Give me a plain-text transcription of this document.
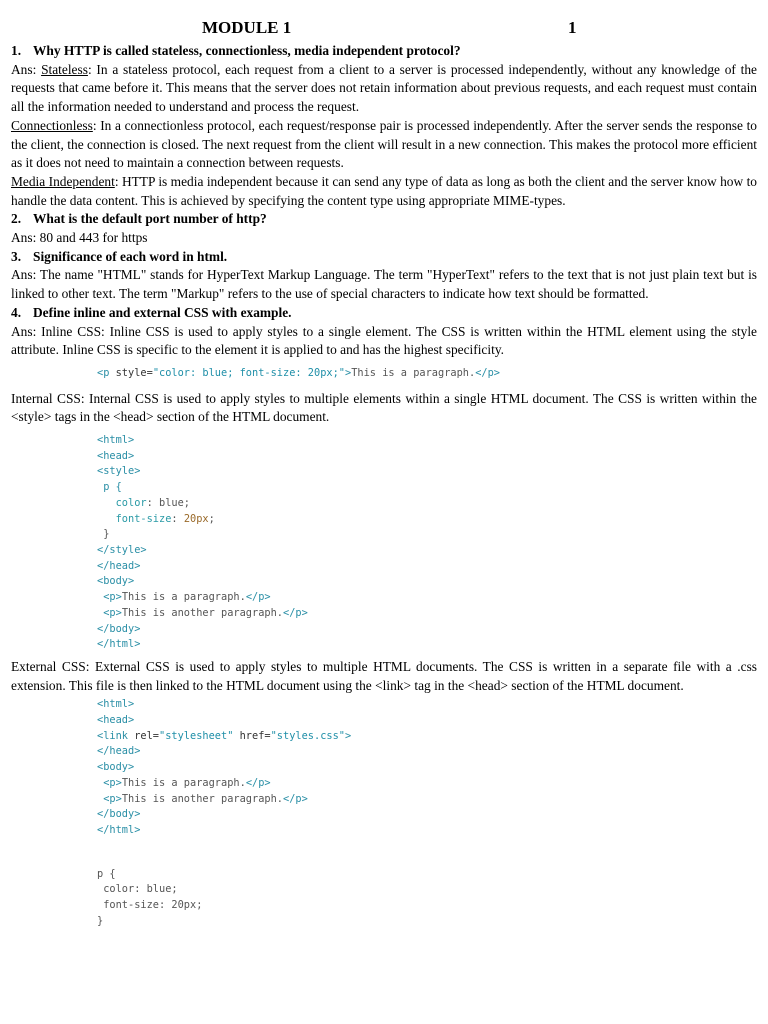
MODULE 1	1

1. Why HTTP is called stateless, connectionless, media independent protocol?

Ans: Stateless: In a stateless protocol, each request from a client to a server is processed independently, without any knowledge of the requests that came before it. This means that the server does not retain information about previous requests, and each request must contain all the information needed to understand and process the request.

Connectionless: In a connectionless protocol, each request/response pair is processed independently. After the server sends the response to the client, the connection is closed. The next request from the client will result in a new connection. This makes the protocol more efficient as it does not need to maintain a connection between requests.

Media Independent: HTTP is media independent because it can send any type of data as long as both the client and the server know how to handle the data content. This is achieved by specifying the content type using appropriate MIME-types.

2. What is the default port number of http?

Ans: 80 and 443 for https

3. Significance of each word in html.

Ans: The name "HTML" stands for HyperText Markup Language. The term "HyperText" refers to the text that is not just plain text but is linked to other text. The term "Markup" refers to the use of special characters to indicate how text should be formatted.

4. Define inline and external CSS with example.

Ans: Inline CSS: Inline CSS is used to apply styles to a single element. The CSS is written within the HTML element using the style attribute. Inline CSS is specific to the element it is applied to and has the highest specificity.

<p style="color: blue; font-size: 20px;">This is a paragraph.</p>

Internal CSS: Internal CSS is used to apply styles to multiple elements within a single HTML document. The CSS is written within the <style> tags in the <head> section of the HTML document.

<html>
<head>
<style>
p {
color: blue;
font-size: 20px;
}
</style>
</head>
<body>
<p>This is a paragraph.</p>
<p>This is another paragraph.</p>
</body>
</html>

External CSS: External CSS is used to apply styles to multiple HTML documents. The CSS is written in a separate file with a .css extension. This file is then linked to the HTML document using the <link> tag in the <head> section of the HTML document.

<html>
<head>
<link rel="stylesheet" href="styles.css">
</head>
<body>
<p>This is a paragraph.</p>
<p>This is another paragraph.</p>
</body>
</html>
p {
color: blue;
font-size: 20px;
}
